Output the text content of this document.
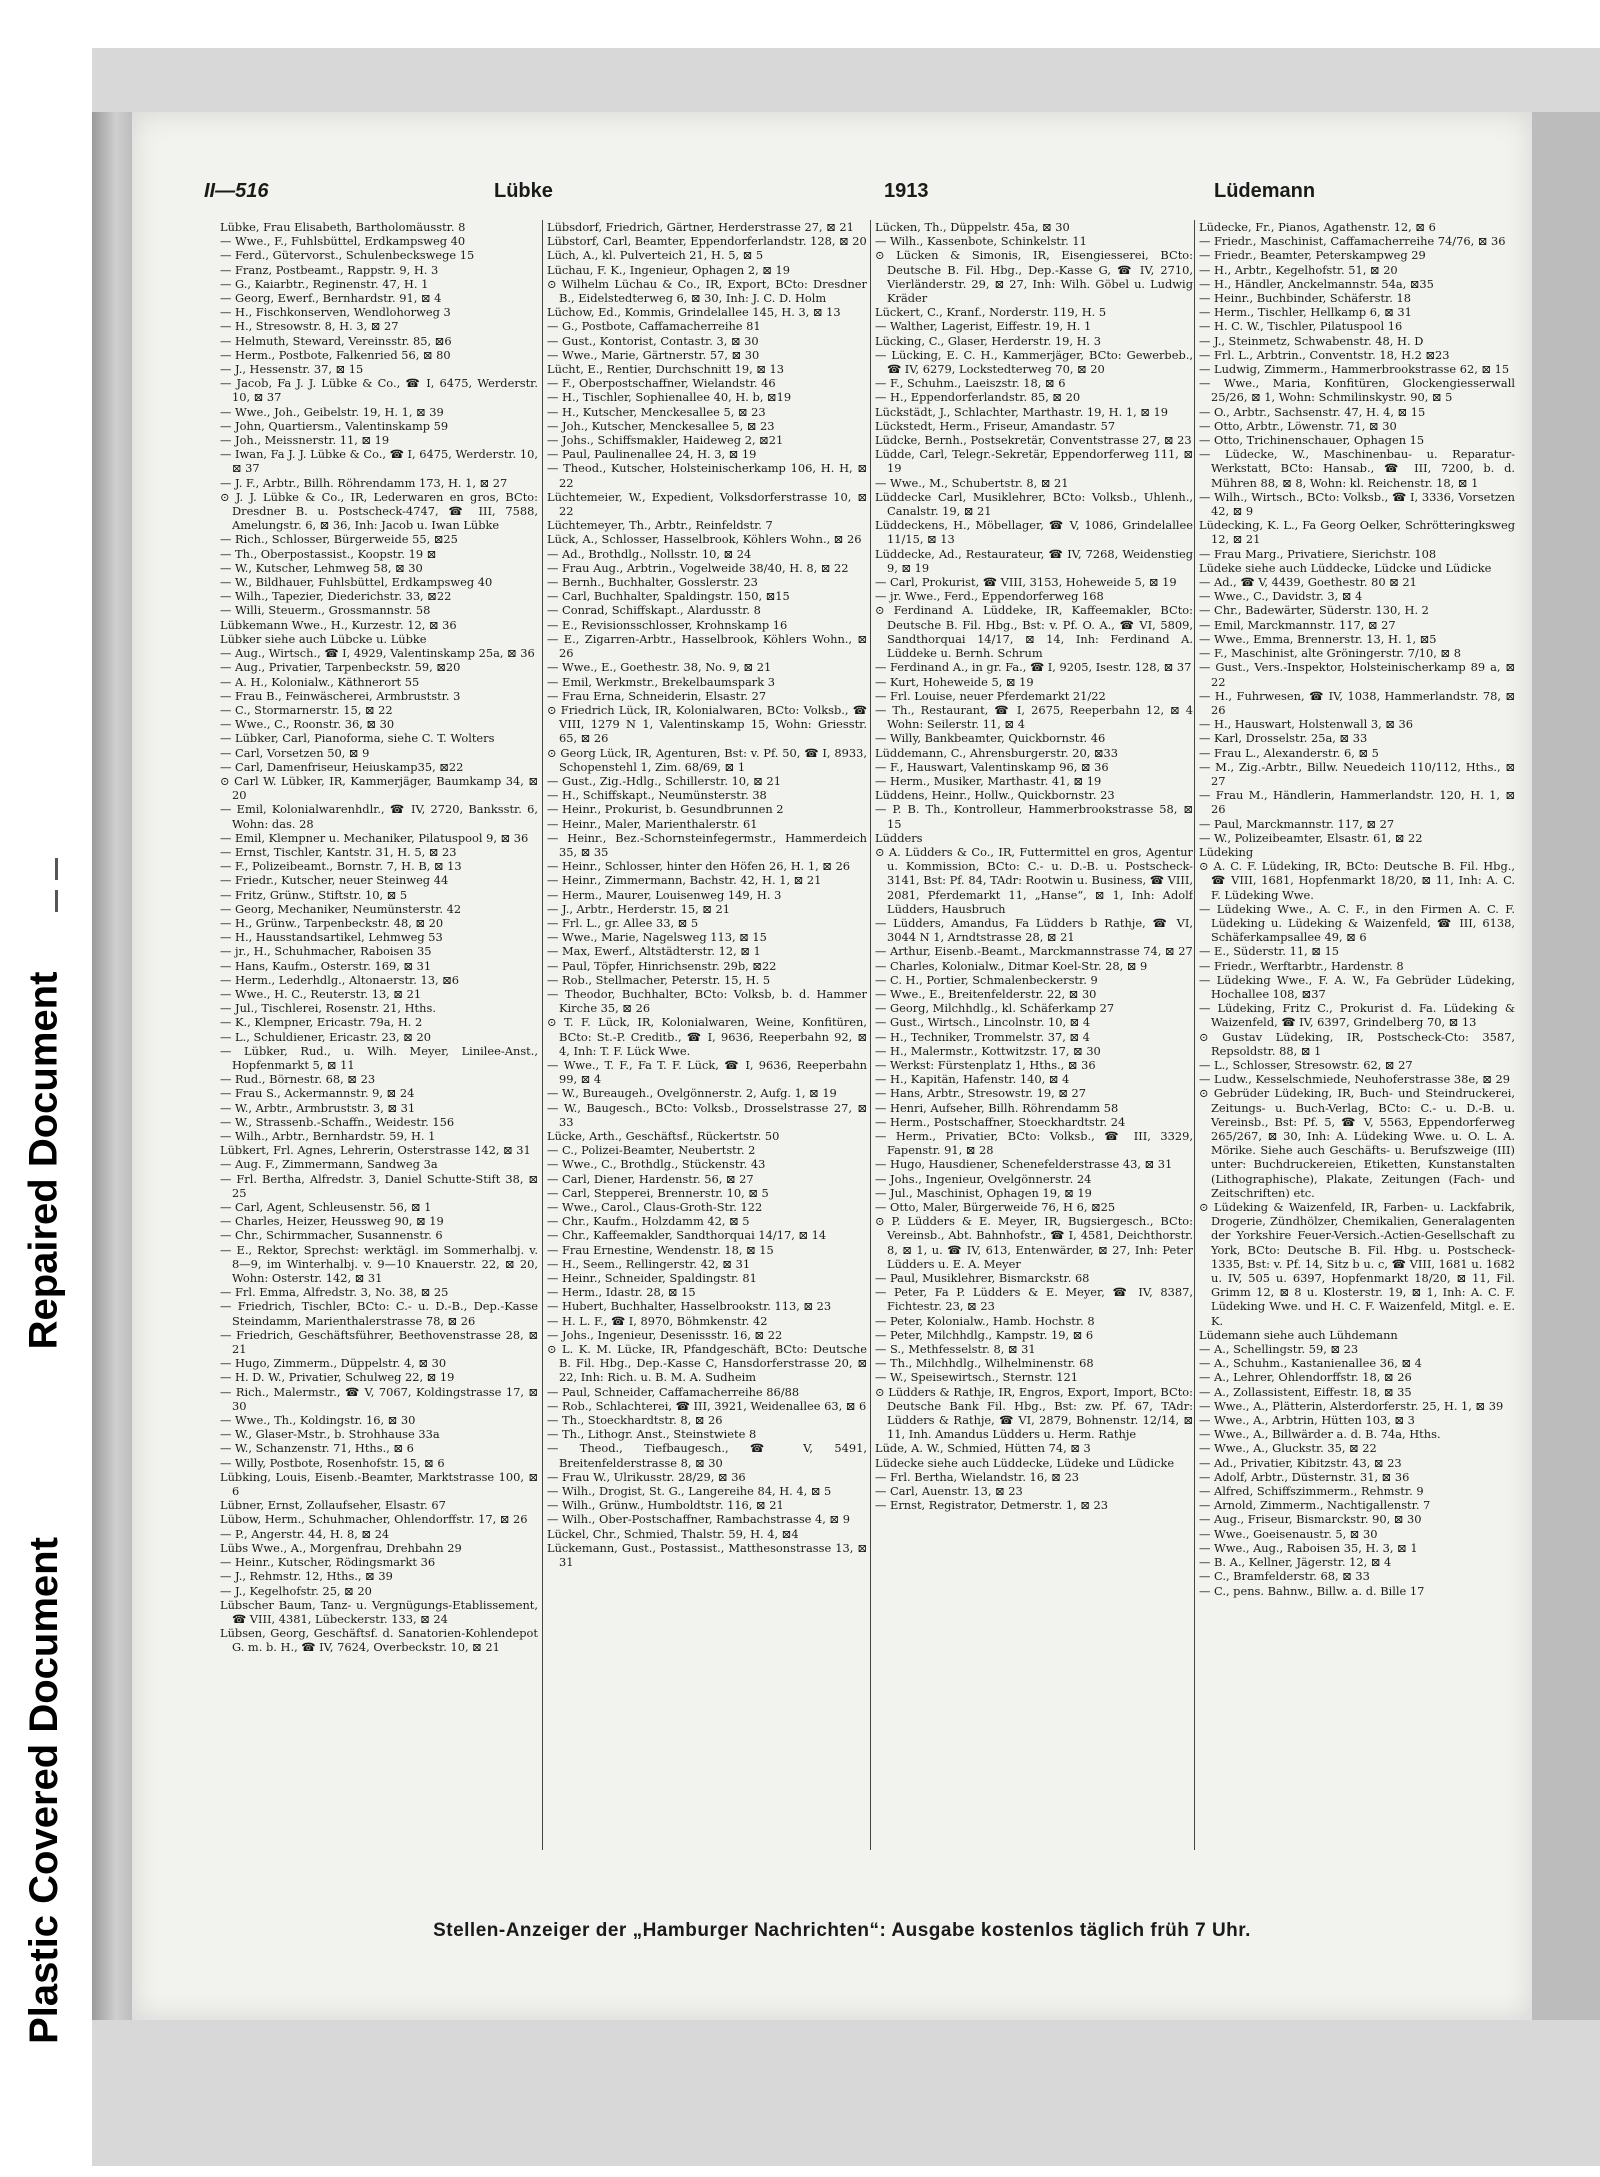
Plastic Covered Document
Repaired Document
II—516	Lübke	1913	Lüdemann

Lübke, Frau Elisabeth, Bartholomäusstr. 8

— Wwe., F., Fuhlsbüttel, Erdkampsweg 40

— Ferd., Gütervorst., Schulenbeckswege 15

— Franz, Postbeamt., Rappstr. 9, H. 3

— G., Kaiarbtr., Reginenstr. 47, H. 1

— Georg, Ewerf., Bernhardstr. 91, ⊠ 4

— H., Fischkonserven, Wendlohorweg 3

— H., Stresowstr. 8, H. 3, ⊠ 27

— Helmuth, Steward, Vereinsstr. 85, ⊠6

— Herm., Postbote, Falkenried 56, ⊠ 80

— J., Hessenstr. 37, ⊠ 15

— Jacob, Fa J. J. Lübke & Co., ☎ I, 6475, Werderstr. 10, ⊠ 37

— Wwe., Joh., Geibelstr. 19, H. 1, ⊠ 39

— John, Quartiersm., Valentinskamp 59

— Joh., Meissnerstr. 11, ⊠ 19

— Iwan, Fa J. J. Lübke & Co., ☎ I, 6475, Werderstr. 10, ⊠ 37

— J. F., Arbtr., Billh. Röhrendamm 173, H. 1, ⊠ 27

⊙ J. J. Lübke & Co., IR, Lederwaren en gros, BCto: Dresdner B. u. Postscheck-4747, ☎ III, 7588, Amelungstr. 6, ⊠ 36, Inh: Jacob u. Iwan Lübke

— Rich., Schlosser, Bürgerweide 55, ⊠25

— Th., Oberpostassist., Koopstr. 19 ⊠

— W., Kutscher, Lehmweg 58, ⊠ 30

— W., Bildhauer, Fuhlsbüttel, Erdkampsweg 40

— Wilh., Tapezier, Diederichstr. 33, ⊠22

— Willi, Steuerm., Grossmannstr. 58

Lübkemann Wwe., H., Kurzestr. 12, ⊠ 36

Lübker siehe auch Lübcke u. Lübke

— Aug., Wirtsch., ☎ I, 4929, Valentinskamp 25a, ⊠ 36

— Aug., Privatier, Tarpenbeckstr. 59, ⊠20

— A. H., Kolonialw., Käthnerort 55

— Frau B., Feinwäscherei, Armbruststr. 3

— C., Stormarnerstr. 15, ⊠ 22

— Wwe., C., Roonstr. 36, ⊠ 30

— Lübker, Carl, Pianoforma, siehe C. T. Wolters

— Carl, Vorsetzen 50, ⊠ 9

— Carl, Damenfriseur, Heiuskamp35, ⊠22

⊙ Carl W. Lübker, IR, Kammerjäger, Baumkamp 34, ⊠ 20

— Emil, Kolonialwarenhdlr., ☎ IV, 2720, Banksstr. 6, Wohn: das. 28

— Emil, Klempner u. Mechaniker, Pilatuspool 9, ⊠ 36

— Ernst, Tischler, Kantstr. 31, H. 5, ⊠ 23

— F., Polizeibeamt., Bornstr. 7, H. B, ⊠ 13

— Friedr., Kutscher, neuer Steinweg 44

— Fritz, Grünw., Stiftstr. 10, ⊠ 5

— Georg, Mechaniker, Neumünsterstr. 42

— H., Grünw., Tarpenbeckstr. 48, ⊠ 20

— H., Hausstandsartikel, Lehmweg 53

— jr., H., Schuhmacher, Raboisen 35

— Hans, Kaufm., Osterstr. 169, ⊠ 31

— Herm., Lederhdlg., Altonaerstr. 13, ⊠6

— Wwe., H. C., Reuterstr. 13, ⊠ 21

— Jul., Tischlerei, Rosenstr. 21, Hths.

— K., Klempner, Ericastr. 79a, H. 2

— L., Schuldiener, Ericastr. 23, ⊠ 20

— Lübker, Rud., u. Wilh. Meyer, Linilee-Anst., Hopfenmarkt 5, ⊠ 11

— Rud., Börnestr. 68, ⊠ 23

— Frau S., Ackermannstr. 9, ⊠ 24

— W., Arbtr., Armbruststr. 3, ⊠ 31

— W., Strassenb.-Schaffn., Weidestr. 156

— Wilh., Arbtr., Bernhardstr. 59, H. 1

Lübkert, Frl. Agnes, Lehrerin, Osterstrasse 142, ⊠ 31

— Aug. F., Zimmermann, Sandweg 3a

— Frl. Bertha, Alfredstr. 3, Daniel Schutte-Stift 38, ⊠ 25

— Carl, Agent, Schleusenstr. 56, ⊠ 1

— Charles, Heizer, Heussweg 90, ⊠ 19

— Chr., Schirmmacher, Susannenstr. 6

— E., Rektor, Sprechst: werktägl. im Sommerhalbj. v. 8—9, im Winterhalbj. v. 9—10 Knauerstr. 22, ⊠ 20, Wohn: Osterstr. 142, ⊠ 31

— Frl. Emma, Alfredstr. 3, No. 38, ⊠ 25

— Friedrich, Tischler, BCto: C.- u. D.-B., Dep.-Kasse Steindamm, Marienthalerstrasse 78, ⊠ 26

— Friedrich, Geschäftsführer, Beethovenstrasse 28, ⊠ 21

— Hugo, Zimmerm., Düppelstr. 4, ⊠ 30

— H. D. W., Privatier, Schulweg 22, ⊠ 19

— Rich., Malermstr., ☎ V, 7067, Koldingstrasse 17, ⊠ 30

— Wwe., Th., Koldingstr. 16, ⊠ 30

— W., Glaser-Mstr., b. Strohhause 33a

— W., Schanzenstr. 71, Hths., ⊠ 6

— Willy, Postbote, Rosenhofstr. 15, ⊠ 6

Lübking, Louis, Eisenb.-Beamter, Marktstrasse 100, ⊠ 6

Lübner, Ernst, Zollaufseher, Elsastr. 67

Lübow, Herm., Schuhmacher, Ohlendorffstr. 17, ⊠ 26

— P., Angerstr. 44, H. 8, ⊠ 24

Lübs Wwe., A., Morgenfrau, Drehbahn 29

— Heinr., Kutscher, Rödingsmarkt 36

— J., Rehmstr. 12, Hths., ⊠ 39

— J., Kegelhofstr. 25, ⊠ 20

Lübscher Baum, Tanz- u. Vergnügungs-Etablissement, ☎ VIII, 4381, Lübeckerstr. 133, ⊠ 24

Lübsen, Georg, Geschäftsf. d. Sanatorien-Kohlendepot G. m. b. H., ☎ IV, 7624, Overbeckstr. 10, ⊠ 21

Lübsdorf, Friedrich, Gärtner, Herderstrasse 27, ⊠ 21

Lübstorf, Carl, Beamter, Eppendorferlandstr. 128, ⊠ 20

Lüch, A., kl. Pulverteich 21, H. 5, ⊠ 5

Lüchau, F. K., Ingenieur, Ophagen 2, ⊠ 19

⊙ Wilhelm Lüchau & Co., IR, Export, BCto: Dresdner B., Eidelstedterweg 6, ⊠ 30, Inh: J. C. D. Holm

Lüchow, Ed., Kommis, Grindelallee 145, H. 3, ⊠ 13

— G., Postbote, Caffamacherreihe 81

— Gust., Kontorist, Contastr. 3, ⊠ 30

— Wwe., Marie, Gärtnerstr. 57, ⊠ 30

Lücht, E., Rentier, Durchschnitt 19, ⊠ 13

— F., Oberpostschaffner, Wielandstr. 46

— H., Tischler, Sophienallee 40, H. b, ⊠19

— H., Kutscher, Menckesallee 5, ⊠ 23

— Joh., Kutscher, Menckesallee 5, ⊠ 23

— Johs., Schiffsmakler, Haideweg 2, ⊠21

— Paul, Paulinenallee 24, H. 3, ⊠ 19

— Theod., Kutscher, Holsteinischerkamp 106, H. H, ⊠ 22

Lüchtemeier, W., Expedient, Volksdorferstrasse 10, ⊠ 22

Lüchtemeyer, Th., Arbtr., Reinfeldstr. 7

Lück, A., Schlosser, Hasselbrook, Köhlers Wohn., ⊠ 26

— Ad., Brothdlg., Nollsstr. 10, ⊠ 24

— Frau Aug., Arbtrin., Vogelweide 38/40, H. 8, ⊠ 22

— Bernh., Buchhalter, Gosslerstr. 23

— Carl, Buchhalter, Spaldingstr. 150, ⊠15

— Conrad, Schiffskapt., Alardusstr. 8

— E., Revisionsschlosser, Krohnskamp 16

— E., Zigarren-Arbtr., Hasselbrook, Köhlers Wohn., ⊠ 26

— Wwe., E., Goethestr. 38, No. 9, ⊠ 21

— Emil, Werkmstr., Brekelbaumspark 3

— Frau Erna, Schneiderin, Elsastr. 27

⊙ Friedrich Lück, IR, Kolonialwaren, BCto: Volksb., ☎ VIII, 1279 N 1, Valentinskamp 15, Wohn: Griesstr. 65, ⊠ 26

⊙ Georg Lück, IR, Agenturen, Bst: v. Pf. 50, ☎ I, 8933, Schopenstehl 1, Zim. 68/69, ⊠ 1

— Gust., Zig.-Hdlg., Schillerstr. 10, ⊠ 21

— H., Schiffskapt., Neumünsterstr. 38

— Heinr., Prokurist, b. Gesundbrunnen 2

— Heinr., Maler, Marienthalerstr. 61

— Heinr., Bez.-Schornsteinfegermstr., Hammerdeich 35, ⊠ 35

— Heinr., Schlosser, hinter den Höfen 26, H. 1, ⊠ 26

— Heinr., Zimmermann, Bachstr. 42, H. 1, ⊠ 21

— Herm., Maurer, Louisenweg 149, H. 3

— J., Arbtr., Herderstr. 15, ⊠ 21

— Frl. L., gr. Allee 33, ⊠ 5

— Wwe., Marie, Nagelsweg 113, ⊠ 15

— Max, Ewerf., Altstädterstr. 12, ⊠ 1

— Paul, Töpfer, Hinrichsenstr. 29b, ⊠22

— Rob., Stellmacher, Peterstr. 15, H. 5

— Theodor, Buchhalter, BCto: Volksb, b. d. Hammer Kirche 35, ⊠ 26

⊙ T. F. Lück, IR, Kolonialwaren, Weine, Konfitüren, BCto: St.-P. Creditb., ☎ I, 9636, Reeperbahn 92, ⊠ 4, Inh: T. F. Lück Wwe.

— Wwe., T. F., Fa T. F. Lück, ☎ I, 9636, Reeperbahn 99, ⊠ 4

— W., Bureaugeh., Ovelgönnerstr. 2, Aufg. 1, ⊠ 19

— W., Baugesch., BCto: Volksb., Drosselstrasse 27, ⊠ 33

Lücke, Arth., Geschäftsf., Rückertstr. 50

— C., Polizei-Beamter, Neubertstr. 2

— Wwe., C., Brothdlg., Stückenstr. 43

— Carl, Diener, Hardenstr. 56, ⊠ 27

— Carl, Stepperei, Brennerstr. 10, ⊠ 5

— Wwe., Carol., Claus-Groth-Str. 122

— Chr., Kaufm., Holzdamm 42, ⊠ 5

— Chr., Kaffeemakler, Sandthorquai 14/17, ⊠ 14

— Frau Ernestine, Wendenstr. 18, ⊠ 15

— H., Seem., Rellingerstr. 42, ⊠ 31

— Heinr., Schneider, Spaldingstr. 81

— Herm., Idastr. 28, ⊠ 15

— Hubert, Buchhalter, Hasselbrookstr. 113, ⊠ 23

— H. L. F., ☎ I, 8970, Böhmkenstr. 42

— Johs., Ingenieur, Desenissstr. 16, ⊠ 22

⊙ L. K. M. Lücke, IR, Pfandgeschäft, BCto: Deutsche B. Fil. Hbg., Dep.-Kasse C, Hansdorferstrasse 20, ⊠ 22, Inh: Rich. u. B. M. A. Sudheim

— Paul, Schneider, Caffamacherreihe 86/88

— Rob., Schlachterei, ☎ III, 3921, Weidenallee 63, ⊠ 6

— Th., Stoeckhardtstr. 8, ⊠ 26

— Th., Lithogr. Anst., Steinstwiete 8

— Theod., Tiefbaugesch., ☎ V, 5491, Breitenfelderstrasse 8, ⊠ 30

— Frau W., Ulrikusstr. 28/29, ⊠ 36

— Wilh., Drogist, St. G., Langereihe 84, H. 4, ⊠ 5

— Wilh., Grünw., Humboldtstr. 116, ⊠ 21

— Wilh., Ober-Postschaffner, Rambachstrasse 4, ⊠ 9

Lückel, Chr., Schmied, Thalstr. 59, H. 4, ⊠4

Lückemann, Gust., Postassist., Matthesonstrasse 13, ⊠ 31

Lücken, Th., Düppelstr. 45a, ⊠ 30

— Wilh., Kassenbote, Schinkelstr. 11

⊙ Lücken & Simonis, IR, Eisengiesserei, BCto: Deutsche B. Fil. Hbg., Dep.-Kasse G, ☎ IV, 2710, Vierländerstr. 29, ⊠ 27, Inh: Wilh. Göbel u. Ludwig Kräder

Lückert, C., Kranf., Norderstr. 119, H. 5

— Walther, Lagerist, Eiffestr. 19, H. 1

Lücking, C., Glaser, Herderstr. 19, H. 3

— Lücking, E. C. H., Kammerjäger, BCto: Gewerbeb., ☎ IV, 6279, Lockstedterweg 70, ⊠ 20

— F., Schuhm., Laeiszstr. 18, ⊠ 6

— H., Eppendorferlandstr. 85, ⊠ 20

Lückstädt, J., Schlachter, Marthastr. 19, H. 1, ⊠ 19

Lückstedt, Herm., Friseur, Amandastr. 57

Lüdcke, Bernh., Postsekretär, Conventstrasse 27, ⊠ 23

Lüdde, Carl, Telegr.-Sekretär, Eppendorferweg 111, ⊠ 19

— Wwe., M., Schubertstr. 8, ⊠ 21

Lüddecke Carl, Musiklehrer, BCto: Volksb., Uhlenh., Canalstr. 19, ⊠ 21

Lüddeckens, H., Möbellager, ☎ V, 1086, Grindelallee 11/15, ⊠ 13

Lüddecke, Ad., Restaurateur, ☎ IV, 7268, Weidenstieg 9, ⊠ 19

— Carl, Prokurist, ☎ VIII, 3153, Hoheweide 5, ⊠ 19

— jr. Wwe., Ferd., Eppendorferweg 168

⊙ Ferdinand A. Lüddeke, IR, Kaffeemakler, BCto: Deutsche B. Fil. Hbg., Bst: v. Pf. O. A., ☎ VI, 5809, Sandthorquai 14/17, ⊠ 14, Inh: Ferdinand A. Lüddeke u. Bernh. Schrum

— Ferdinand A., in gr. Fa., ☎ I, 9205, Isestr. 128, ⊠ 37

— Kurt, Hoheweide 5, ⊠ 19

— Frl. Louise, neuer Pferdemarkt 21/22

— Th., Restaurant, ☎ I, 2675, Reeperbahn 12, ⊠ 4 Wohn: Seilerstr. 11, ⊠ 4

— Willy, Bankbeamter, Quickbornstr. 46

Lüddemann, C., Ahrensburgerstr. 20, ⊠33

— F., Hauswart, Valentinskamp 96, ⊠ 36

— Herm., Musiker, Marthastr. 41, ⊠ 19

Lüddens, Heinr., Hollw., Quickbornstr. 23

— P. B. Th., Kontrolleur, Hammerbrookstrasse 58, ⊠ 15

Lüdders

⊙ A. Lüdders & Co., IR, Futtermittel en gros, Agentur u. Kommission, BCto: C.- u. D.-B. u. Postscheck-3141, Bst: Pf. 84, TAdr: Rootwin u. Business, ☎ VIII, 2081, Pferdemarkt 11, „Hanse“, ⊠ 1, Inh: Adolf Lüdders, Hausbruch

— Lüdders, Amandus, Fa Lüdders b Rathje, ☎ VI, 3044 N 1, Arndtstrasse 28, ⊠ 21

— Arthur, Eisenb.-Beamt., Marckmannstrasse 74, ⊠ 27

— Charles, Kolonialw., Ditmar Koel-Str. 28, ⊠ 9

— C. H., Portier, Schmalenbeckerstr. 9

— Wwe., E., Breitenfelderstr. 22, ⊠ 30

— Georg, Milchhdlg., kl. Schäferkamp 27

— Gust., Wirtsch., Lincolnstr. 10, ⊠ 4

— H., Techniker, Trommelstr. 37, ⊠ 4

— H., Malermstr., Kottwitzstr. 17, ⊠ 30

— Werkst: Fürstenplatz 1, Hths., ⊠ 36

— H., Kapitän, Hafenstr. 140, ⊠ 4

— Hans, Arbtr., Stresowstr. 19, ⊠ 27

— Henri, Aufseher, Billh. Röhrendamm 58

— Herm., Postschaffner, Stoeckhardtstr. 24

— Herm., Privatier, BCto: Volksb., ☎ III, 3329, Fapenstr. 91, ⊠ 28

— Hugo, Hausdiener, Schenefelderstrasse 43, ⊠ 31

— Johs., Ingenieur, Ovelgönnerstr. 24

— Jul., Maschinist, Ophagen 19, ⊠ 19

— Otto, Maler, Bürgerweide 76, H 6, ⊠25

⊙ P. Lüdders & E. Meyer, IR, Bugsiergesch., BCto: Vereinsb., Abt. Bahnhofstr., ☎ I, 4581, Deichthorstr. 8, ⊠ 1, u. ☎ IV, 613, Entenwärder, ⊠ 27, Inh: Peter Lüdders u. E. A. Meyer

— Paul, Musiklehrer, Bismarckstr. 68

— Peter, Fa P. Lüdders & E. Meyer, ☎ IV, 8387, Fichtestr. 23, ⊠ 23

— Peter, Kolonialw., Hamb. Hochstr. 8

— Peter, Milchhdlg., Kampstr. 19, ⊠ 6

— S., Methfesselstr. 8, ⊠ 31

— Th., Milchhdlg., Wilhelminenstr. 68

— W., Speisewirtsch., Sternstr. 121

⊙ Lüdders & Rathje, IR, Engros, Export, Import, BCto: Deutsche Bank Fil. Hbg., Bst: zw. Pf. 67, TAdr: Lüdders & Rathje, ☎ VI, 2879, Bohnenstr. 12/14, ⊠ 11, Inh. Amandus Lüdders u. Herm. Rathje

Lüde, A. W., Schmied, Hütten 74, ⊠ 3

Lüdecke siehe auch Lüddecke, Lüdeke und Lüdicke

— Frl. Bertha, Wielandstr. 16, ⊠ 23

— Carl, Auenstr. 13, ⊠ 23

— Ernst, Registrator, Detmerstr. 1, ⊠ 23

Lüdecke, Fr., Pianos, Agathenstr. 12, ⊠ 6

— Friedr., Maschinist, Caffamacherreihe 74/76, ⊠ 36

— Friedr., Beamter, Peterskampweg 29

— H., Arbtr., Kegelhofstr. 51, ⊠ 20

— H., Händler, Anckelmannstr. 54a, ⊠35

— Heinr., Buchbinder, Schäferstr. 18

— Herm., Tischler, Hellkamp 6, ⊠ 31

— H. C. W., Tischler, Pilatuspool 16

— J., Steinmetz, Schwabenstr. 48, H. D

— Frl. L., Arbtrin., Conventstr. 18, H.2 ⊠23

— Ludwig, Zimmerm., Hammerbrookstrasse 62, ⊠ 15

— Wwe., Maria, Konfitüren, Glockengiesserwall 25/26, ⊠ 1, Wohn: Schmilinskystr. 90, ⊠ 5

— O., Arbtr., Sachsenstr. 47, H. 4, ⊠ 15

— Otto, Arbtr., Löwenstr. 71, ⊠ 30

— Otto, Trichinenschauer, Ophagen 15

— Lüdecke, W., Maschinenbau- u. Reparatur-Werkstatt, BCto: Hansab., ☎ III, 7200, b. d. Mühren 88, ⊠ 8, Wohn: kl. Reichenstr. 18, ⊠ 1

— Wilh., Wirtsch., BCto: Volksb., ☎ I, 3336, Vorsetzen 42, ⊠ 9

Lüdecking, K. L., Fa Georg Oelker, Schrötteringksweg 12, ⊠ 21

— Frau Marg., Privatiere, Sierichstr. 108

Lüdeke siehe auch Lüddecke, Lüdcke und Lüdicke

— Ad., ☎ V, 4439, Goethestr. 80 ⊠ 21

— Wwe., C., Davidstr. 3, ⊠ 4

— Chr., Badewärter, Süderstr. 130, H. 2

— Emil, Marckmannstr. 117, ⊠ 27

— Wwe., Emma, Brennerstr. 13, H. 1, ⊠5

— F., Maschinist, alte Gröningerstr. 7/10, ⊠ 8

— Gust., Vers.-Inspektor, Holsteinischerkamp 89 a, ⊠ 22

— H., Fuhrwesen, ☎ IV, 1038, Hammerlandstr. 78, ⊠ 26

— H., Hauswart, Holstenwall 3, ⊠ 36

— Karl, Drosselstr. 25a, ⊠ 33

— Frau L., Alexanderstr. 6, ⊠ 5

— M., Zig.-Arbtr., Billw. Neuedeich 110/112, Hths., ⊠ 27

— Frau M., Händlerin, Hammerlandstr. 120, H. 1, ⊠ 26

— Paul, Marckmannstr. 117, ⊠ 27

— W., Polizeibeamter, Elsastr. 61, ⊠ 22

Lüdeking

⊙ A. C. F. Lüdeking, IR, BCto: Deutsche B. Fil. Hbg., ☎ VIII, 1681, Hopfenmarkt 18/20, ⊠ 11, Inh: A. C. F. Lüdeking Wwe.

— Lüdeking Wwe., A. C. F., in den Firmen A. C. F. Lüdeking u. Lüdeking & Waizenfeld, ☎ III, 6138, Schäferkampsallee 49, ⊠ 6

— E., Süderstr. 11, ⊠ 15

— Friedr., Werftarbtr., Hardenstr. 8

— Lüdeking Wwe., F. A. W., Fa Gebrüder Lüdeking, Hochallee 108, ⊠37

— Lüdeking, Fritz C., Prokurist d. Fa. Lüdeking & Waizenfeld, ☎ IV, 6397, Grindelberg 70, ⊠ 13

⊙ Gustav Lüdeking, IR, Postscheck-Cto: 3587, Repsoldstr. 88, ⊠ 1

— L., Schlosser, Stresowstr. 62, ⊠ 27

— Ludw., Kesselschmiede, Neuhoferstrasse 38e, ⊠ 29

⊙ Gebrüder Lüdeking, IR, Buch- und Steindruckerei, Zeitungs- u. Buch-Verlag, BCto: C.- u. D.-B. u. Vereinsb., Bst: Pf. 5, ☎ V, 5563, Eppendorferweg 265/267, ⊠ 30, Inh: A. Lüdeking Wwe. u. O. L. A. Mörike. Siehe auch Geschäfts- u. Berufszweige (III) unter: Buchdruckereien, Etiketten, Kunstanstalten (Lithographische), Plakate, Zeitungen (Fach- und Zeitschriften) etc.

⊙ Lüdeking & Waizenfeld, IR, Farben- u. Lackfabrik, Drogerie, Zündhölzer, Chemikalien, Generalagenten der Yorkshire Feuer-Versich.-Actien-Gesellschaft zu York, BCto: Deutsche B. Fil. Hbg. u. Postscheck-1335, Bst: v. Pf. 14, Sitz b u. c, ☎ VIII, 1681 u. 1682 u. IV, 505 u. 6397, Hopfenmarkt 18/20, ⊠ 11, Fil. Grimm 12, ⊠ 8 u. Klosterstr. 19, ⊠ 1, Inh: A. C. F. Lüdeking Wwe. und H. C. F. Waizenfeld, Mitgl. e. E. K.

Lüdemann siehe auch Lühdemann

— A., Schellingstr. 59, ⊠ 23

— A., Schuhm., Kastanienallee 36, ⊠ 4

— A., Lehrer, Ohlendorffstr. 18, ⊠ 26

— A., Zollassistent, Eiffestr. 18, ⊠ 35

— Wwe., A., Plätterin, Alsterdorferstr. 25, H. 1, ⊠ 39

— Wwe., A., Arbtrin, Hütten 103, ⊠ 3

— Wwe., A., Billwärder a. d. B. 74a, Hths.

— Wwe., A., Gluckstr. 35, ⊠ 22

— Ad., Privatier, Kibitzstr. 43, ⊠ 23

— Adolf, Arbtr., Düsternstr. 31, ⊠ 36

— Alfred, Schiffszimmerm., Rehmstr. 9

— Arnold, Zimmerm., Nachtigallenstr. 7

— Aug., Friseur, Bismarckstr. 90, ⊠ 30

— Wwe., Goeisenaustr. 5, ⊠ 30

— Wwe., Aug., Raboisen 35, H. 3, ⊠ 1

— B. A., Kellner, Jägerstr. 12, ⊠ 4

— C., Bramfelderstr. 68, ⊠ 33

— C., pens. Bahnw., Billw. a. d. Bille 17

Stellen-Anzeiger der „Hamburger Nachrichten“: Ausgabe kostenlos täglich früh 7 Uhr.
